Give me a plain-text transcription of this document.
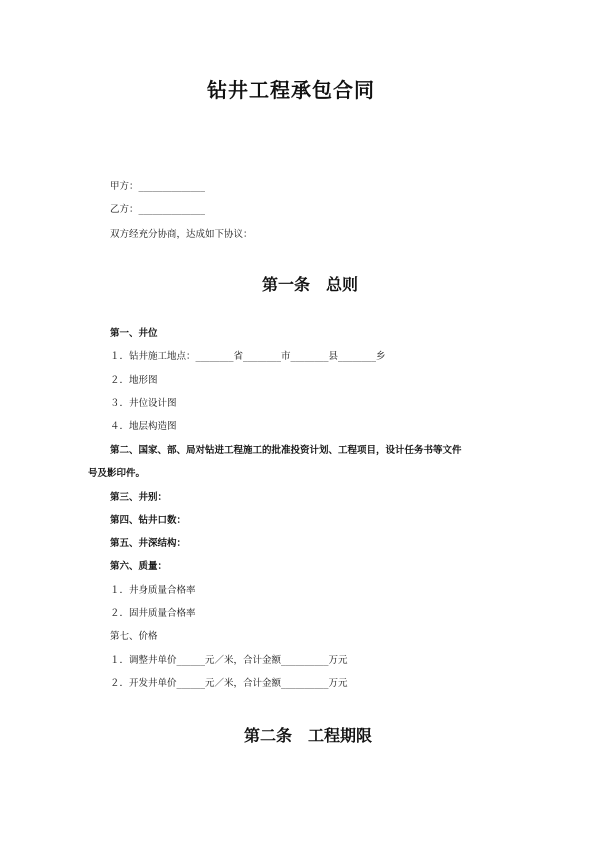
钻井工程承包合同
甲方：______________
乙方：______________
双方经充分协商，达成如下协议：
第一条　总则
第一、井位
１．钻井施工地点：________省________市________县________乡
２．地形图
３．井位设计图
４．地层构造图
第二、国家、部、局对钻进工程施工的批准投资计划、工程项目，设计任务书等文件
号及影印件。
第三、井别：
第四、钻井口数：
第五、井深结构：
第六、质量：
１．井身质量合格率
２．固井质量合格率
第七、价格
１．调整井单价______元／米，合计金额__________万元
２．开发井单价______元／米，合计金额__________万元
第二条　工程期限
